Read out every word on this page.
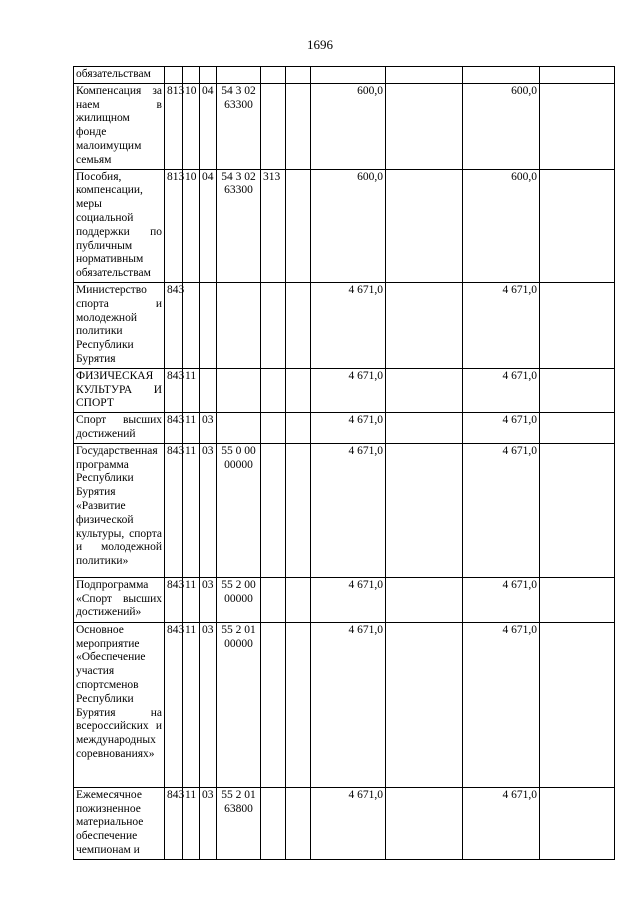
1696
обязательствам										
Компенсация за наем в жилищном фонде малоимущим семьям	813	10	04	54 3 02 63300			600,0		600,0	
Пособия, компенсации, меры социальной поддержки по публичным нормативным обязательствам	813	10	04	54 3 02 63300	313		600,0		600,0	
Министерство спорта и молодежной политики Республики Бурятия	843						4 671,0		4 671,0	
ФИЗИЧЕСКАЯ КУЛЬТУРА И СПОРТ	843	11					4 671,0		4 671,0	
Спорт высших достижений	843	11	03				4 671,0		4 671,0	
Государственная программа Республики Бурятия «Развитие физической культуры, спорта и молодежной политики»	843	11	03	55 0 00 00000			4 671,0		4 671,0	
Подпрограмма «Спорт высших достижений»	843	11	03	55 2 00 00000			4 671,0		4 671,0	
Основное мероприятие «Обеспечение участия спортсменов Республики Бурятия на всероссийских и международных соревнованиях»	843	11	03	55 2 01 00000			4 671,0		4 671,0	
Ежемесячное пожизненное материальное обеспечение чемпионам и	843	11	03	55 2 01 63800			4 671,0		4 671,0	
